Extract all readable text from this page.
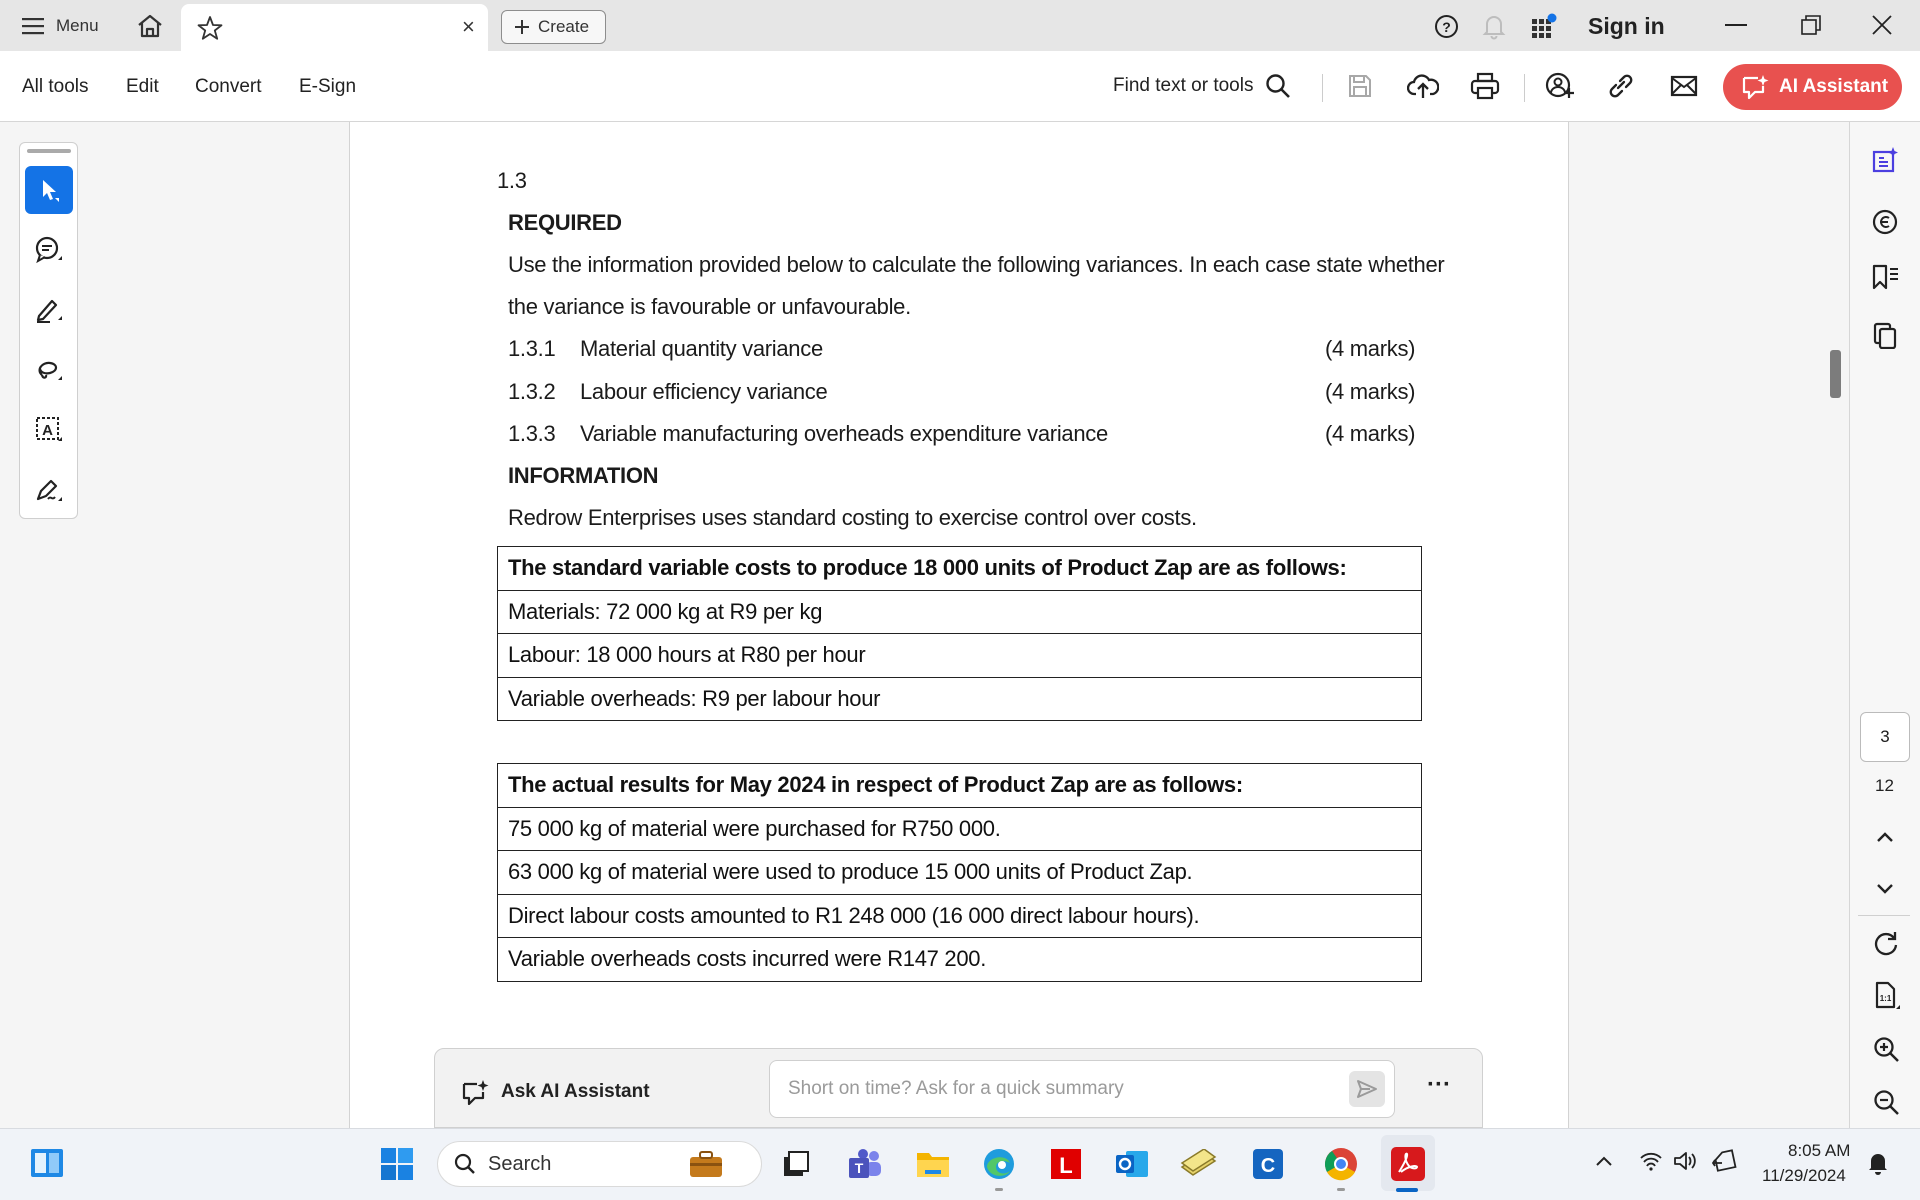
Menu	×	Create	?	Sign in
All tools Edit Convert E-Sign	Find text or tools	AI Assistant
A
1.3
REQUIRED
Use the information provided below to calculate the following variances. In each case state whether
the variance is favourable or unfavourable.
1.3.1 Material quantity variance	(4 marks)
1.3.2 Labour efficiency variance	(4 marks)
1.3.3 Variable manufacturing overheads expenditure variance	(4 marks)
INFORMATION
Redrow Enterprises uses standard costing to exercise control over costs.
The standard variable costs to produce 18 000 units of Product Zap are as follows:
Materials: 72 000 kg at R9 per kg
Labour: 18 000 hours at R80 per hour
Variable overheads: R9 per labour hour
The actual results for May 2024 in respect of Product Zap are as follows:
75 000 kg of material were purchased for R750 000.
63 000 kg of material were used to produce 15 000 units of Product Zap.
Direct labour costs amounted to R1 248 000 (16 000 direct labour hours).
Variable overheads costs incurred were R147 200.
3
12
1:1
Ask AI Assistant	···
Short on time? Ask for a quick summary
Search	T	L	C
8:05 AM
11/29/2024
